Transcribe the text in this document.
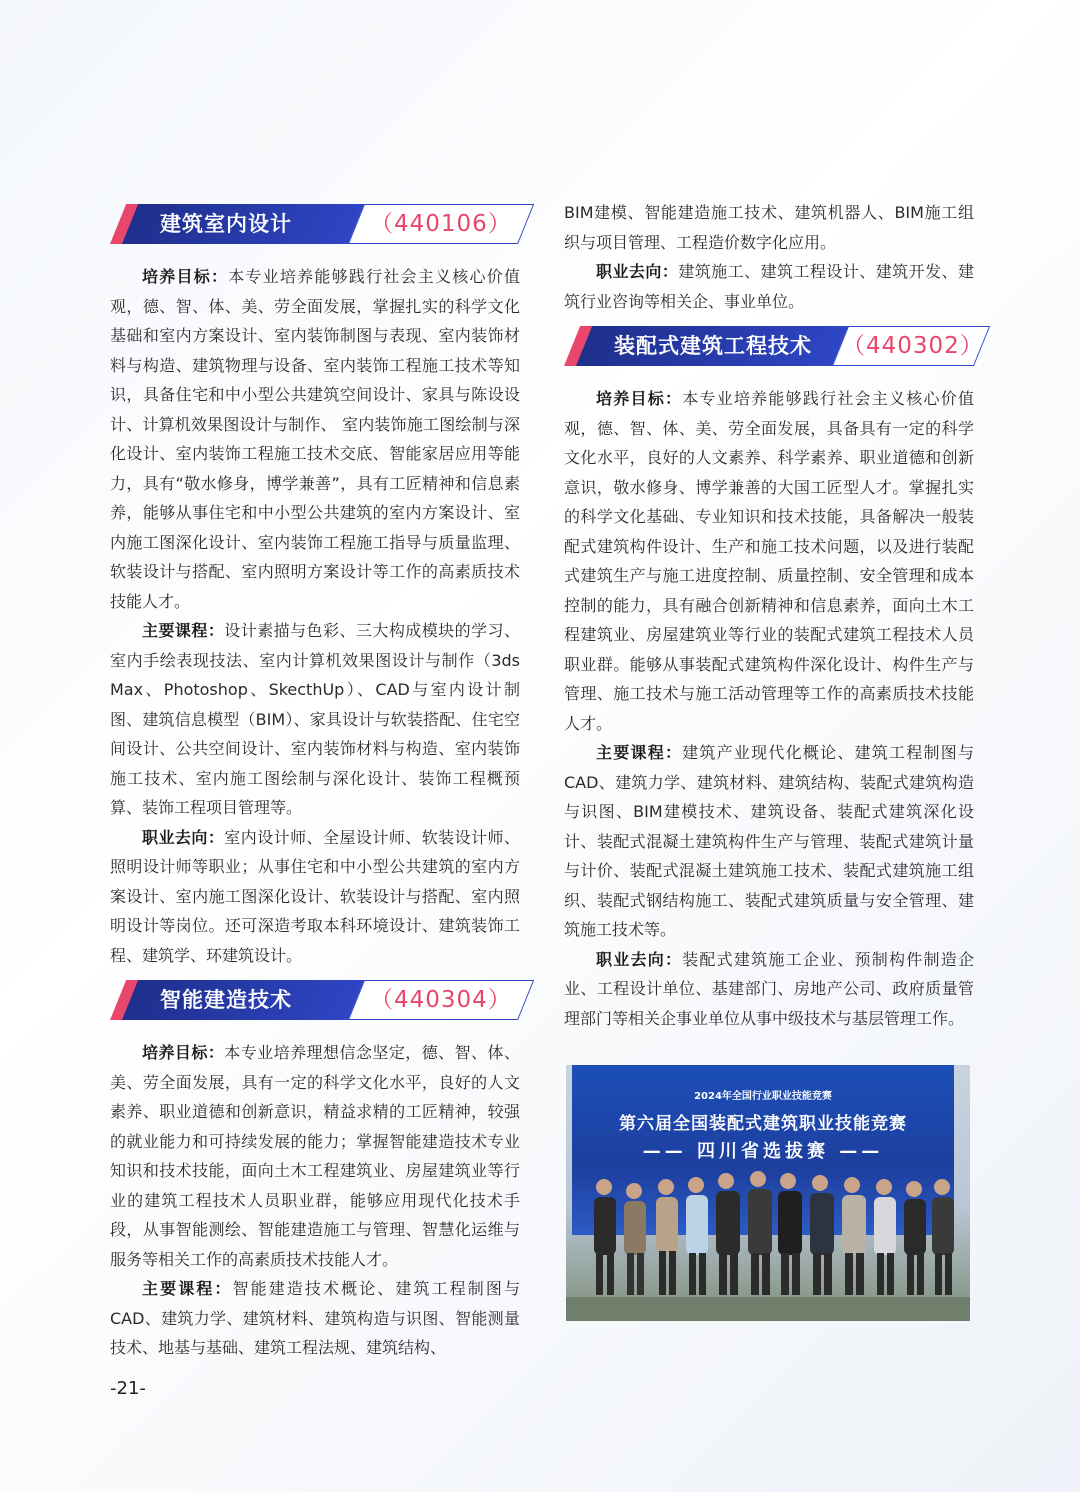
建筑室内设计	（440106）

培养目标：本专业培养能够践行社会主义核心价值观，德、智、体、美、劳全面发展，掌握扎实的科学文化基础和室内方案设计、室内装饰制图与表现、室内装饰材料与构造、建筑物理与设备、室内装饰工程施工技术等知识，具备住宅和中小型公共建筑空间设计、家具与陈设设计、计算机效果图设计与制作、 室内装饰施工图绘制与深化设计、室内装饰工程施工技术交底、智能家居应用等能力，具有“敬水修身，博学兼善”，具有工匠精神和信息素养，能够从事住宅和中小型公共建筑的室内方案设计、室内施工图深化设计、室内装饰工程施工指导与质量监理、软装设计与搭配、室内照明方案设计等工作的高素质技术技能人才。

主要课程：设计素描与色彩、三大构成模块的学习、室内手绘表现技法、室内计算机效果图设计与制作（3ds Max、Photoshop、SkecthUp）、CAD与室内设计制图、建筑信息模型（BIM）、家具设计与软装搭配、住宅空间设计、公共空间设计、室内装饰材料与构造、室内装饰施工技术、室内施工图绘制与深化设计、装饰工程概预算、装饰工程项目管理等。

职业去向：室内设计师、全屋设计师、软装设计师、照明设计师等职业；从事住宅和中小型公共建筑的室内方案设计、室内施工图深化设计、软装设计与搭配、室内照明设计等岗位。还可深造考取本科环境设计、建筑装饰工程、建筑学、环建筑设计。

智能建造技术	（440304）

培养目标：本专业培养理想信念坚定，德、智、体、美、劳全面发展，具有一定的科学文化水平，良好的人文素养、职业道德和创新意识，精益求精的工匠精神，较强的就业能力和可持续发展的能力；掌握智能建造技术专业知识和技术技能，面向土木工程建筑业、房屋建筑业等行业的建筑工程技术人员职业群，能够应用现代化技术手段，从事智能测绘、智能建造施工与管理、智慧化运维与服务等相关工作的高素质技术技能人才。

主要课程：智能建造技术概论、建筑工程制图与CAD、建筑力学、建筑材料、建筑构造与识图、智能测量技术、地基与基础、建筑工程法规、建筑结构、

BIM建模、智能建造施工技术、建筑机器人、BIM施工组织与项目管理、工程造价数字化应用。

职业去向：建筑施工、建筑工程设计、建筑开发、建筑行业咨询等相关企、事业单位。

装配式建筑工程技术 （440302）

培养目标：本专业培养能够践行社会主义核心价值观，德、智、体、美、劳全面发展，具备具有一定的科学文化水平，良好的人文素养、科学素养、职业道德和创新意识，敬水修身、博学兼善的大国工匠型人才。掌握扎实的科学文化基础、专业知识和技术技能，具备解决一般装配式建筑构件设计、生产和施工技术问题，以及进行装配式建筑生产与施工进度控制、质量控制、安全管理和成本控制的能力，具有融合创新精神和信息素养，面向土木工程建筑业、房屋建筑业等行业的装配式建筑工程技术人员职业群。能够从事装配式建筑构件深化设计、构件生产与管理、施工技术与施工活动管理等工作的高素质技术技能人才。

主要课程：建筑产业现代化概论、建筑工程制图与CAD、建筑力学、建筑材料、建筑结构、装配式建筑构造与识图、BIM建模技术、建筑设备、装配式建筑深化设计、装配式混凝土建筑构件生产与管理、装配式建筑计量与计价、装配式混凝土建筑施工技术、装配式建筑施工组织、装配式钢结构施工、装配式建筑质量与安全管理、建筑施工技术等。

职业去向：装配式建筑施工企业、预制构件制造企业、工程设计单位、基建部门、房地产公司、政府质量管理部门等相关企事业单位从事中级技术与基层管理工作。

2024年全国行业职业技能竞赛
第六届全国装配式建筑职业技能竞赛
—— 四川省选拔赛 ——
-21-
